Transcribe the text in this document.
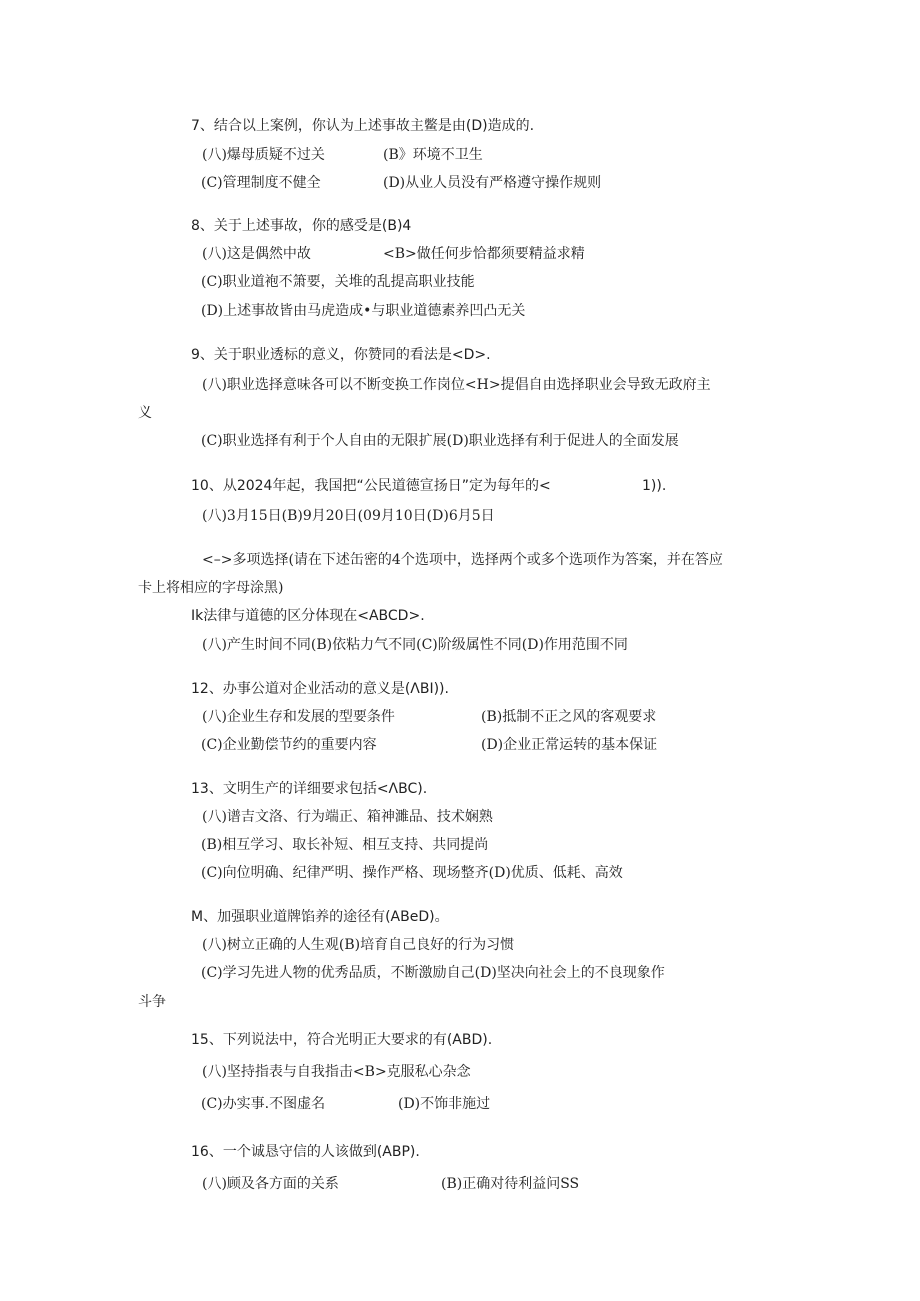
7、结合以上案例，你认为上述事故主鳖是由(D)造成的.
(八)爆母质疑不过关	(B》环境不卫生
(C)管理制度不健全	(D)从业人员没有严格遵守操作规则
8、关于上述事故，你的感受是(B)4
(八)这是偶然中故	<B>做任何步恰都须要精益求精
(C)职业道袍不箫要，关堆的乱提高职业技能
(D)上述事故皆由马虎造成•与职业道德素养凹凸无关
9、关于职业透标的意义，你赞同的看法是<D>.
(八)职业选择意味各可以不断变换工作岗位<H>提倡自由选择职业会导致无政府主
义
(C)职业选择有利于个人自由的无限扩展(D)职业选择有利于促进人的全面发展
10、从2024年起，我国把“公民道德宣扬日”定为每年的<	1)).
(八)3月15日(B)9月20日(09月10日(D)6月5日
<–>多项选择(请在下述缶密的4个选项中，选择两个或多个选项作为答案，并在答应
卡上将相应的字母涂黑)
Ik法律与道德的区分体现在<ABCD>.
(八)产生时间不同(B)依粘力气不同(C)阶级属性不同(D)作用范围不同
12、办事公道对企业活动的意义是(ΛBI)).
(八)企业生存和发展的型要条件	(B)抵制不正之风的客观要求
(C)企业勤偿节约的重要内容	(D)企业正常运转的基本保证
13、文明生产的详细要求包括<ΛBC).
(八)谱吉文洛、行为端正、箱神濉品、技术娴熟
(B)相互学习、取长补短、相互支持、共同提尚
(C)向位明确、纪律严明、操作严格、现场整齐(D)优质、低耗、高效
M、加强职业道牌馅养的途径有(ABeD)。
(八)树立正确的人生观(B)培育自己良好的行为习惯
(C)学习先进人物的优秀品质，不断激励自己(D)坚决向社会上的不良现象作
斗争
15、下列说法中，符合光明正大要求的有(ABD).
(八)坚持指表与自我指击<B>克服私心杂念
(C)办实事.不图虚名	(D)不饰非施过
16、一个诚恳守信的人该做到(ABP).
(八)顾及各方面的关系	(B)正确对待利益问SS
